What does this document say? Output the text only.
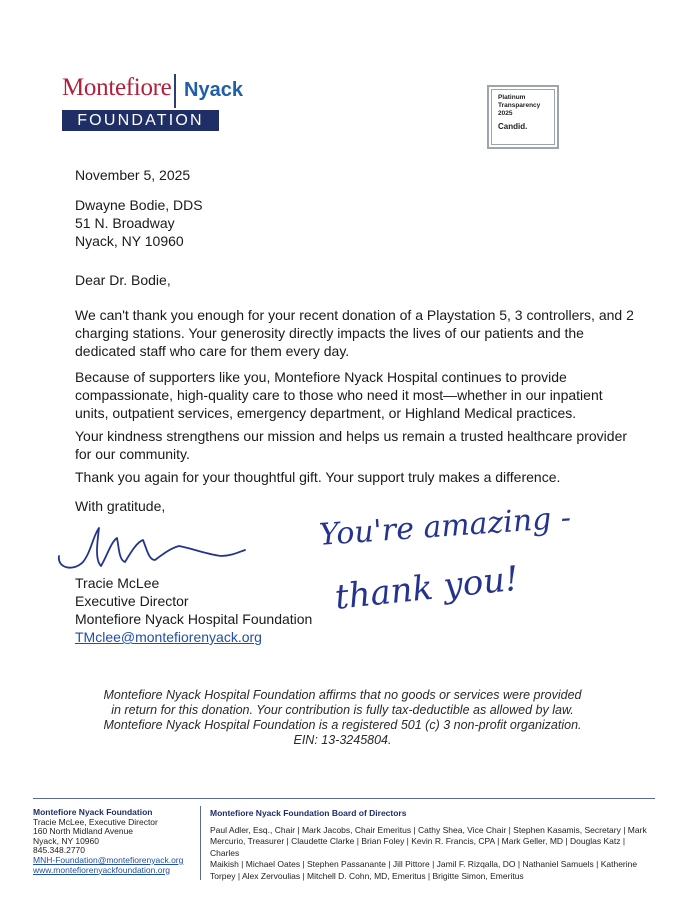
Montefiore Nyack
FOUNDATION
Platinum
Transparency
2025
Candid.
November 5, 2025
Dwayne Bodie, DDS
51 N. Broadway
Nyack, NY 10960
Dear Dr. Bodie,
We can't thank you enough for your recent donation of a Playstation 5, 3 controllers, and 2 charging stations. Your generosity directly impacts the lives of our patients and the dedicated staff who care for them every day.
Because of supporters like you, Montefiore Nyack Hospital continues to provide compassionate, high-quality care to those who need it most—whether in our inpatient units, outpatient services, emergency department, or Highland Medical practices.
Your kindness strengthens our mission and helps us remain a trusted healthcare provider for our community.
Thank you again for your thoughtful gift. Your support truly makes a difference.
With gratitude,
Tracie McLee
Executive Director
Montefiore Nyack Hospital Foundation
TMclee@montefiorenyack.org
You're amazing -
thank you!
Montefiore Nyack Hospital Foundation affirms that no goods or services were provided
in return for this donation. Your contribution is fully tax-deductible as allowed by law.
Montefiore Nyack Hospital Foundation is a registered 501 (c) 3 non-profit organization.
EIN: 13-3245804.
Montefiore Nyack Foundation
Tracie McLee, Executive Director
160 North Midland Avenue
Nyack, NY 10960
845.348.2770
MNH-Foundation@montefiorenyack.org
www.montefiorenyackfoundation.org
Montefiore Nyack Foundation Board of Directors
Paul Adler, Esq., Chair | Mark Jacobs, Chair Emeritus | Cathy Shea, Vice Chair | Stephen Kasamis, Secretary | Mark
Mercurio, Treasurer | Claudette Clarke | Brian Foley | Kevin R. Francis, CPA | Mark Geller, MD | Douglas Katz | Charles
Maikish | Michael Oates | Stephen Passanante | Jill Pittore | Jamil F. Rizqalla, DO | Nathaniel Samuels | Katherine
Torpey | Alex Zervoulias | Mitchell D. Cohn, MD, Emeritus | Brigitte Simon, Emeritus
